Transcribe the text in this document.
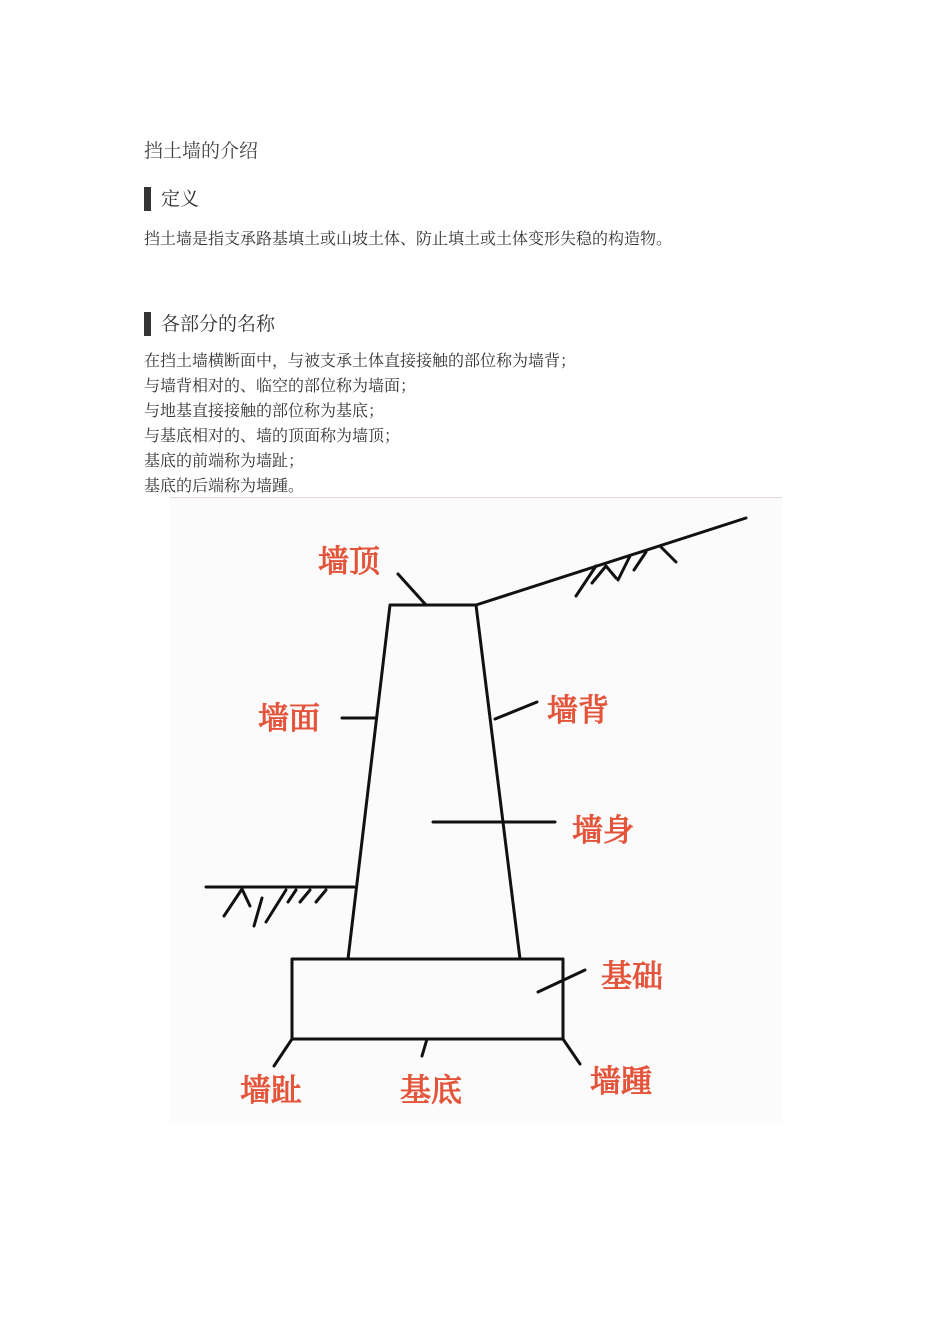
挡土墙的介绍
定义
挡土墙是指支承路基填土或山坡土体、防止填土或土体变形失稳的构造物。
各部分的名称
在挡土墙横断面中，与被支承土体直接接触的部位称为墙背；
与墙背相对的、临空的部位称为墙面；
与地基直接接触的部位称为基底；
与基底相对的、墙的顶面称为墙顶；
基底的前端称为墙趾；
基底的后端称为墙踵。
墙顶
墙面	墙背
墙身
基础
墙趾	基底	墙踵
